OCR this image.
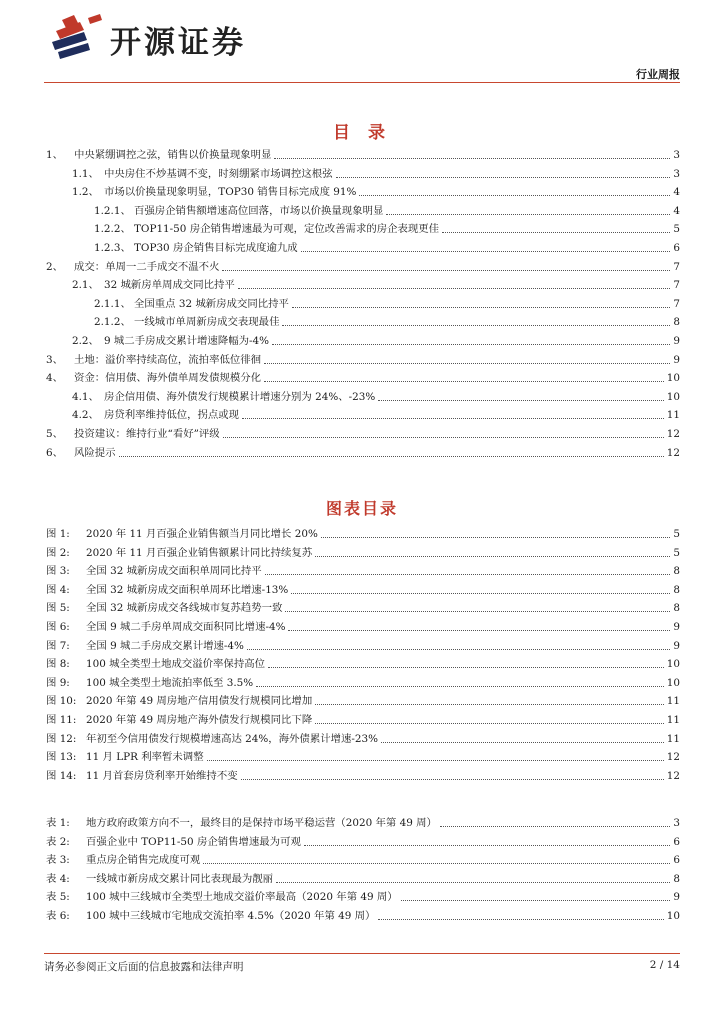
开源证券
行业周报
目 录
1、	中央紧绷调控之弦，销售以价换量现象明显	3
1.1、 中央房住不炒基调不变，时刻绷紧市场调控这根弦	3
1.2、 市场以价换量现象明显，TOP30 销售目标完成度 91%	4
1.2.1、 百强房企销售额增速高位回落，市场以价换量现象明显	4
1.2.2、 TOP11-50 房企销售增速最为可观，定位改善需求的房企表现更佳	5
1.2.3、 TOP30 房企销售目标完成度逾九成	6
2、	成交：单周一二手成交不温不火	7
2.1、 32 城新房单周成交同比持平	7
2.1.1、 全国重点 32 城新房成交同比持平	7
2.1.2、 一线城市单周新房成交表现最佳	8
2.2、 9 城二手房成交累计增速降幅为-4%	9
3、	土地：溢价率持续高位，流拍率低位徘徊	9
4、	资金：信用债、海外债单周发债规模分化	10
4.1、 房企信用债、海外债发行规模累计增速分别为 24%、-23%	10
4.2、 房贷利率维持低位，拐点或现	11
5、	投资建议：维持行业“看好”评级	12
6、	风险提示	12
图表目录
图 1:	2020 年 11 月百强企业销售额当月同比增长 20%	5
图 2:	2020 年 11 月百强企业销售额累计同比持续复苏	5
图 3:	全国 32 城新房成交面积单周同比持平	8
图 4:	全国 32 城新房成交面积单周环比增速-13%	8
图 5:	全国 32 城新房成交各线城市复苏趋势一致	8
图 6:	全国 9 城二手房单周成交面积同比增速-4%	9
图 7:	全国 9 城二手房成交累计增速-4%	9
图 8:	100 城全类型土地成交溢价率保持高位	10
图 9:	100 城全类型土地流拍率低至 3.5%	10
图 10: 2020 年第 49 周房地产信用债发行规模同比增加	11
图 11: 2020 年第 49 周房地产海外债发行规模同比下降	11
图 12: 年初至今信用债发行规模增速高达 24%，海外债累计增速-23%	11
图 13: 11 月 LPR 利率暂未调整	12
图 14: 11 月首套房贷利率开始维持不变	12
表 1:	地方政府政策方向不一，最终目的是保持市场平稳运营（2020 年第 49 周）	3
表 2:	百强企业中 TOP11-50 房企销售增速最为可观	6
表 3:	重点房企销售完成度可观	6
表 4:	一线城市新房成交累计同比表现最为靓丽	8
表 5:	100 城中三线城市全类型土地成交溢价率最高（2020 年第 49 周）	9
表 6:	100 城中三线城市宅地成交流拍率 4.5%（2020 年第 49 周）	10
请务必参阅正文后面的信息披露和法律声明	2 / 14
